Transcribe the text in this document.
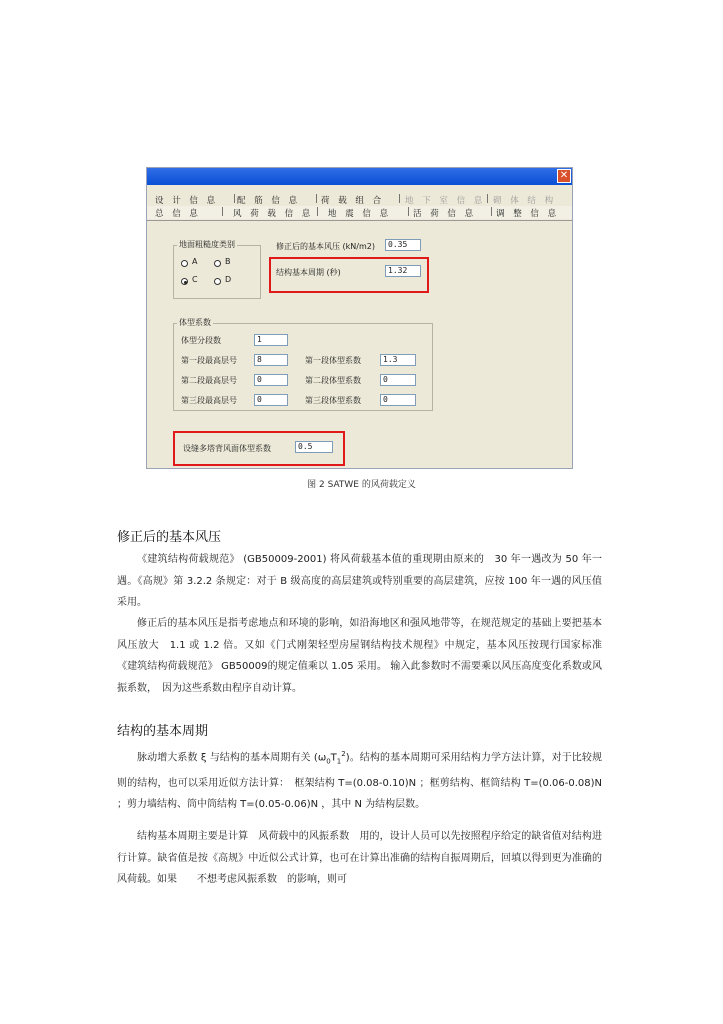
✕
设 计 信 息 | 配 筋 信 息 | 荷 载 组 合 | 地 下 室 信 息 | 砌 体 结 构
总 信 息 | 风 荷 载 信 息 | 地 震 信 息 | 活 荷 信 息 | 调 整 信 息
地面粗糙度类别
A	B
C	D
修正后的基本风压 (kN/m2)	0.35
结构基本周期 (秒)	1.32
体型系数
体型分段数	1
第一段最高层号	8	第一段体型系数	1.3
第二段最高层号	0	第二段体型系数	0
第三段最高层号	0	第三段体型系数	0
设缝多塔背风面体型系数	0.5
图 2 SATWE 的风荷载定义
修正后的基本风压

《建筑结构荷载规范》 (GB50009-2001) 将风荷载基本值的重现期由原来的　30 年一遇改为 50 年一遇。《高规》第 3.2.2 条规定：对于 B 级高度的高层建筑或特别重要的高层建筑，应按 100 年一遇的风压值采用。

修正后的基本风压是指考虑地点和环境的影响，如沿海地区和强风地带等，在规范规定的基础上要把基本风压放大　1.1 或 1.2 倍。又如《门式刚架轻型房屋钢结构技术规程》中规定，基本风压按现行国家标准　《建筑结构荷载规范》 GB50009的规定值乘以 1.05 采用。 输入此参数时不需要乘以风压高度变化系数或风振系数，　因为这些系数由程序自动计算。

结构的基本周期

脉动增大系数 ξ 与结构的基本周期有关 $(\omega_0T_1^2)$。结构的基本周期可采用结构力学方法计算，对于比较规则的结构，也可以采用近似方法计算：　框架结构 T=(0.08-0.10)N ；框剪结构、框筒结构 T=(0.06-0.08)N ；剪力墙结构、筒中筒结构 T=(0.05-0.06)N ，其中 N 为结构层数。

结构基本周期主要是计算　风荷载中的风振系数　用的，设计人员可以先按照程序给定的缺省值对结构进行计算。缺省值是按《高规》中近似公式计算，也可在计算出准确的结构自振周期后，回填以得到更为准确的风荷载。如果　　不想考虑风振系数　的影响，则可
